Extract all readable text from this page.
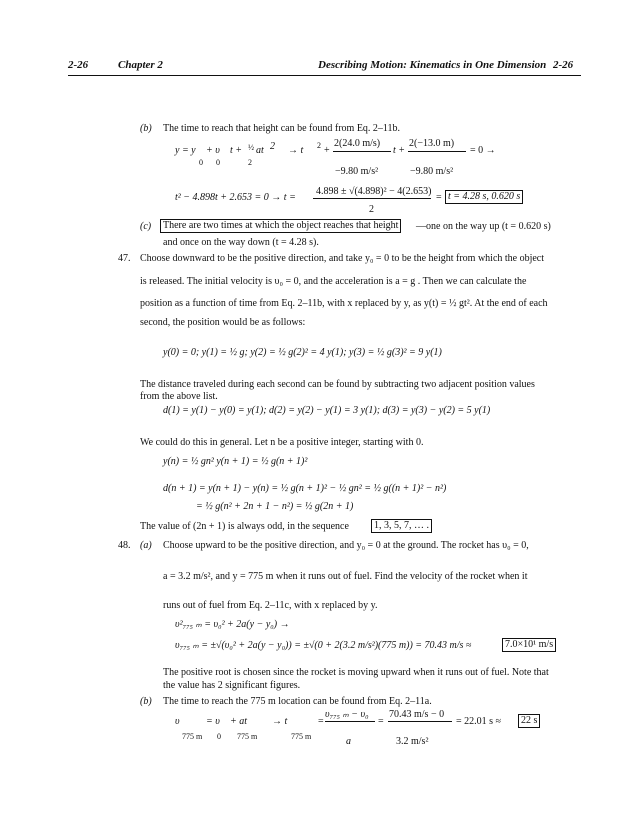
2-26	Chapter 2	Describing Motion: Kinematics in One Dimension 2-26
(b) The time to reach that height can be found from Eq. 2–11b.
y = y + υ t + ½ at 2 → t 2 +
2(24.0 m/s)
t +
2(−13.0 m)
= 0 →
0 0	2
−9.80 m/s²	−9.80 m/s²
t² − 4.898t + 2.653 = 0 → t =
4.898 ± √(4.898)² − 4(2.653)
2
= t = 4.28 s, 0.620 s
(c)	There are two times at which the object reaches that height	—one on the way up (t = 0.620 s)
and once on the way down (t = 4.28 s).
47. Choose downward to be the positive direction, and take y₀ = 0 to be the height from which the object
is released. The initial velocity is υ₀ = 0, and the acceleration is a = g . Then we can calculate the
position as a function of time from Eq. 2–11b, with x replaced by y, as y(t) = ½ gt². At the end of each
second, the position would be as follows:
y(0) = 0; y(1) = ½ g; y(2) = ½ g(2)² = 4 y(1); y(3) = ½ g(3)² = 9 y(1)
The distance traveled during each second can be found by subtracting two adjacent position values
from the above list.
d(1) = y(1) − y(0) = y(1); d(2) = y(2) − y(1) = 3 y(1); d(3) = y(3) − y(2) = 5 y(1)
We could do this in general. Let n be a positive integer, starting with 0.
y(n) = ½ gn² y(n + 1) = ½ g(n + 1)²
d(n + 1) = y(n + 1) − y(n) = ½ g(n + 1)² − ½ gn² = ½ g((n + 1)² − n²)
= ½ g(n² + 2n + 1 − n²) = ½ g(2n + 1)
The value of (2n + 1) is always odd, in the sequence	1, 3, 5, 7, … .
48. (a) Choose upward to be the positive direction, and y₀ = 0 at the ground. The rocket has υ₀ = 0,
a = 3.2 m/s², and y = 775 m when it runs out of fuel. Find the velocity of the rocket when it
runs out of fuel from Eq. 2–11c, with x replaced by y.
υ²₇₇₅ ₘ = υ₀² + 2a(y − y₀) →
υ₇₇₅ ₘ = ±√(υ₀² + 2a(y − y₀)) = ±√(0 + 2(3.2 m/s²)(775 m)) = 70.43 m/s ≈	7.0×10¹ m/s
The positive root is chosen since the rocket is moving upward when it runs out of fuel. Note that
the value has 2 significant figures.
(b) The time to reach the 775 m location can be found from Eq. 2–11a.
υ	= υ + at → t	=
υ₇₇₅ ₘ − υ₀
=
70.43 m/s − 0
= 22.01 s ≈	22 s
775 m 0 775 m	775 m	a	3.2 m/s²
